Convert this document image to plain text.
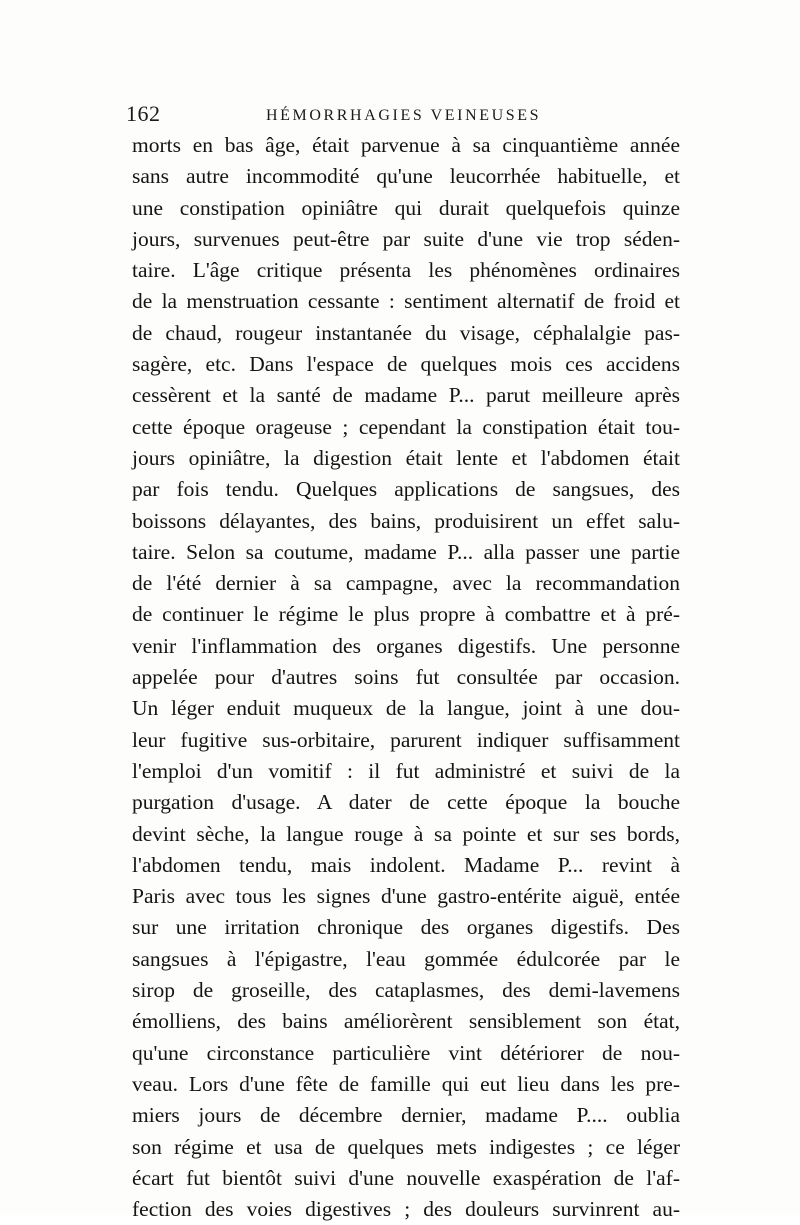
162	HÉMORRHAGIES VEINEUSES
morts en bas âge, était parvenue à sa cinquantième année
sans autre incommodité qu'une leucorrhée habituelle, et
une constipation opiniâtre qui durait quelquefois quinze
jours, survenues peut-être par suite d'une vie trop séden-
taire. L'âge critique présenta les phénomènes ordinaires
de la menstruation cessante : sentiment alternatif de froid et
de chaud, rougeur instantanée du visage, céphalalgie pas-
sagère, etc. Dans l'espace de quelques mois ces accidens
cessèrent et la santé de madame P... parut meilleure après
cette époque orageuse ; cependant la constipation était tou-
jours opiniâtre, la digestion était lente et l'abdomen était
par fois tendu. Quelques applications de sangsues, des
boissons délayantes, des bains, produisirent un effet salu-
taire. Selon sa coutume, madame P... alla passer une partie
de l'été dernier à sa campagne, avec la recommandation
de continuer le régime le plus propre à combattre et à pré-
venir l'inflammation des organes digestifs. Une personne
appelée pour d'autres soins fut consultée par occasion.
Un léger enduit muqueux de la langue, joint à une dou-
leur fugitive sus-orbitaire, parurent indiquer suffisamment
l'emploi d'un vomitif : il fut administré et suivi de la
purgation d'usage. A dater de cette époque la bouche
devint sèche, la langue rouge à sa pointe et sur ses bords,
l'abdomen tendu, mais indolent. Madame P... revint à
Paris avec tous les signes d'une gastro-entérite aiguë, entée
sur une irritation chronique des organes digestifs. Des
sangsues à l'épigastre, l'eau gommée édulcorée par le
sirop de groseille, des cataplasmes, des demi-lavemens
émolliens, des bains améliorèrent sensiblement son état,
qu'une circonstance particulière vint détériorer de nou-
veau. Lors d'une fête de famille qui eut lieu dans les pre-
miers jours de décembre dernier, madame P.... oublia
son régime et usa de quelques mets indigestes ; ce léger
écart fut bientôt suivi d'une nouvelle exaspération de l'af-
fection des voies digestives ; des douleurs survinrent au-
